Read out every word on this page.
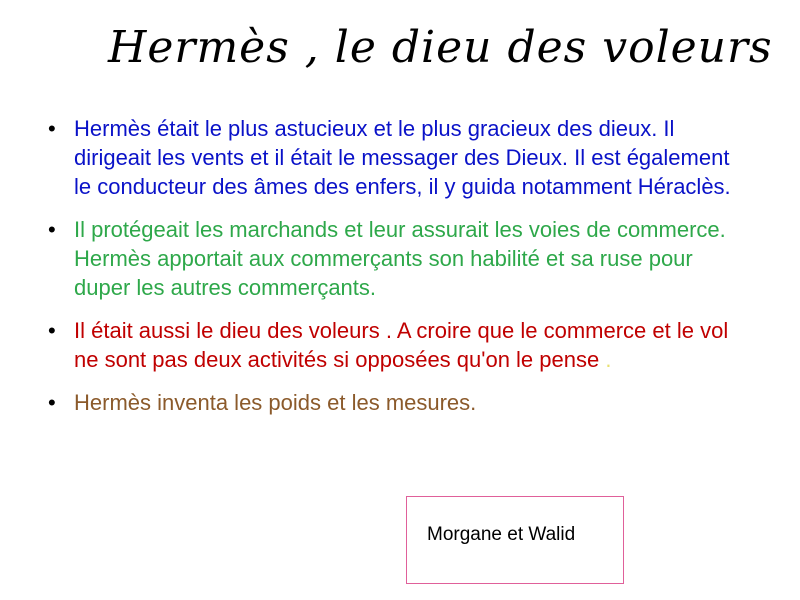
Hermès , le dieu des voleurs
• Hermès était le plus astucieux et le plus gracieux des dieux. Il dirigeait les vents et il était le messager des Dieux. Il est également le conducteur des âmes des enfers, il y guida notamment Héraclès.
• Il protégeait les marchands et leur assurait les voies de commerce. Hermès apportait aux commerçants son habilité et sa ruse pour duper les autres commerçants.
• Il était aussi le dieu des voleurs . A croire que le commerce et le vol ne sont pas deux activités si opposées qu'on le pense .
• Hermès inventa les poids et les mesures.
Morgane et Walid
